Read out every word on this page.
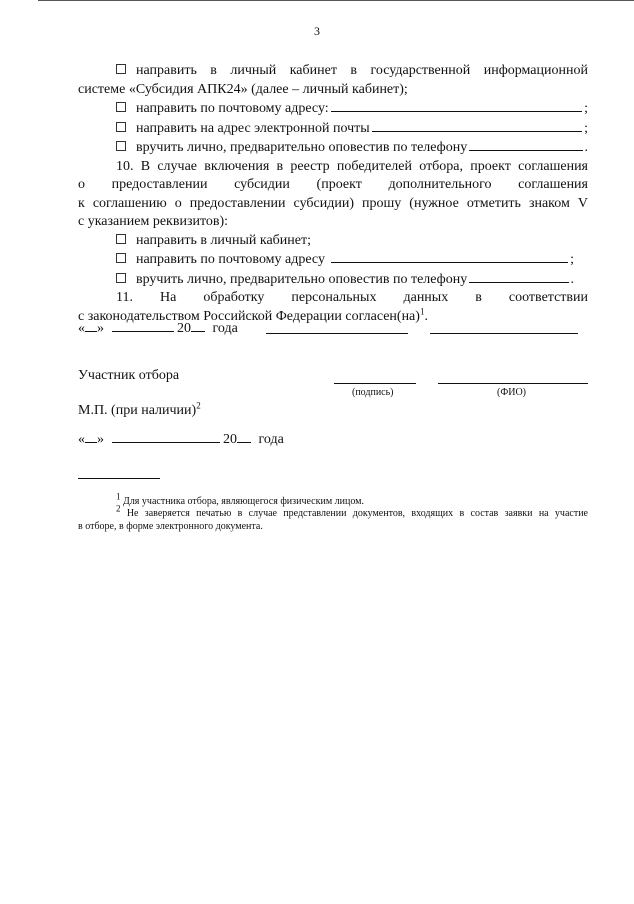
3
направить в личный кабинет в государственной информационной
системе «Субсидия АПК24» (далее – личный кабинет);
направить по почтовому адресу:	;
направить на адрес электронной почты	;
вручить лично, предварительно оповестив по телефону	.
10. В случае включения в реестр победителей отбора, проект соглашения
о предоставлении субсидии (проект дополнительного соглашения
к соглашению о предоставлении субсидии) прошу (нужное отметить знаком V
с указанием реквизитов):
направить в личный кабинет;
направить по почтовому адресу	;
вручить лично, предварительно оповестив по телефону	.
11. На обработку персональных данных в соответствии
с законодательством Российской Федерации согласен(на)$^1$.
« »	20 года
Участник отбора
(подпись)	(ФИО)
М.П. (при наличии)$^2$
« »	20 года
$^1$ Для участника отбора, являющегося физическим лицом.
$^2$ Не заверяется печатью в случае представлении документов, входящих в состав заявки на участие
в отборе, в форме электронного документа.
